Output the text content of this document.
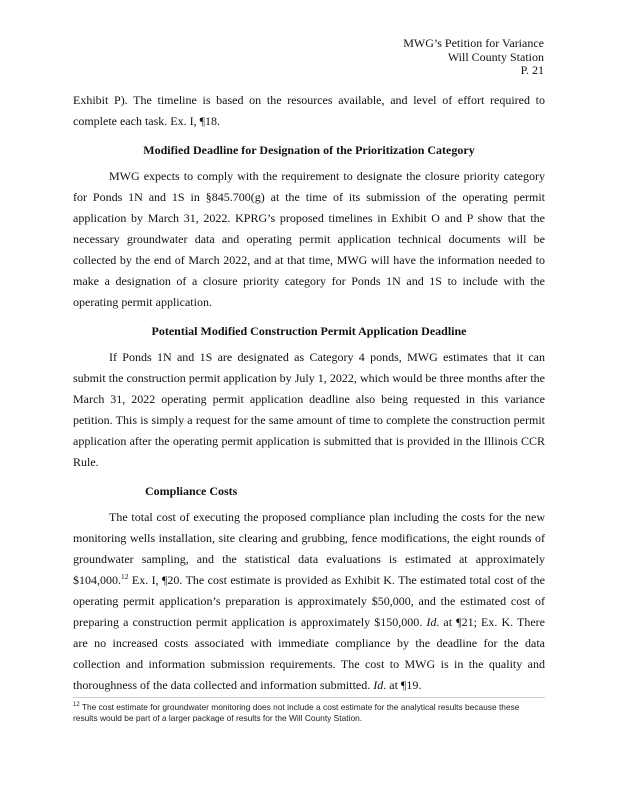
MWG’s Petition for Variance
Will County Station
P. 21

Exhibit P). The timeline is based on the resources available, and level of effort required to complete each task. Ex. I, ¶18.

Modified Deadline for Designation of the Prioritization Category

MWG expects to comply with the requirement to designate the closure priority category for Ponds 1N and 1S in §845.700(g) at the time of its submission of the operating permit application by March 31, 2022. KPRG’s proposed timelines in Exhibit O and P show that the necessary groundwater data and operating permit application technical documents will be collected by the end of March 2022, and at that time, MWG will have the information needed to make a designation of a closure priority category for Ponds 1N and 1S to include with the operating permit application.

Potential Modified Construction Permit Application Deadline

If Ponds 1N and 1S are designated as Category 4 ponds, MWG estimates that it can submit the construction permit application by July 1, 2022, which would be three months after the March 31, 2022 operating permit application deadline also being requested in this variance petition. This is simply a request for the same amount of time to complete the construction permit application after the operating permit application is submitted that is provided in the Illinois CCR Rule.

Compliance Costs

The total cost of executing the proposed compliance plan including the costs for the new monitoring wells installation, site clearing and grubbing, fence modifications, the eight rounds of groundwater sampling, and the statistical data evaluations is estimated at approximately $104,000.12 Ex. I, ¶20. The cost estimate is provided as Exhibit K. The estimated total cost of the operating permit application’s preparation is approximately $50,000, and the estimated cost of preparing a construction permit application is approximately $150,000. Id. at ¶21; Ex. K. There are no increased costs associated with immediate compliance by the deadline for the data collection and information submission requirements. The cost to MWG is in the quality and thoroughness of the data collected and information submitted. Id. at ¶19.

$^{12}$ The cost estimate for groundwater monitoring does not include a cost estimate for the analytical results because these results would be part of a larger package of results for the Will County Station.
